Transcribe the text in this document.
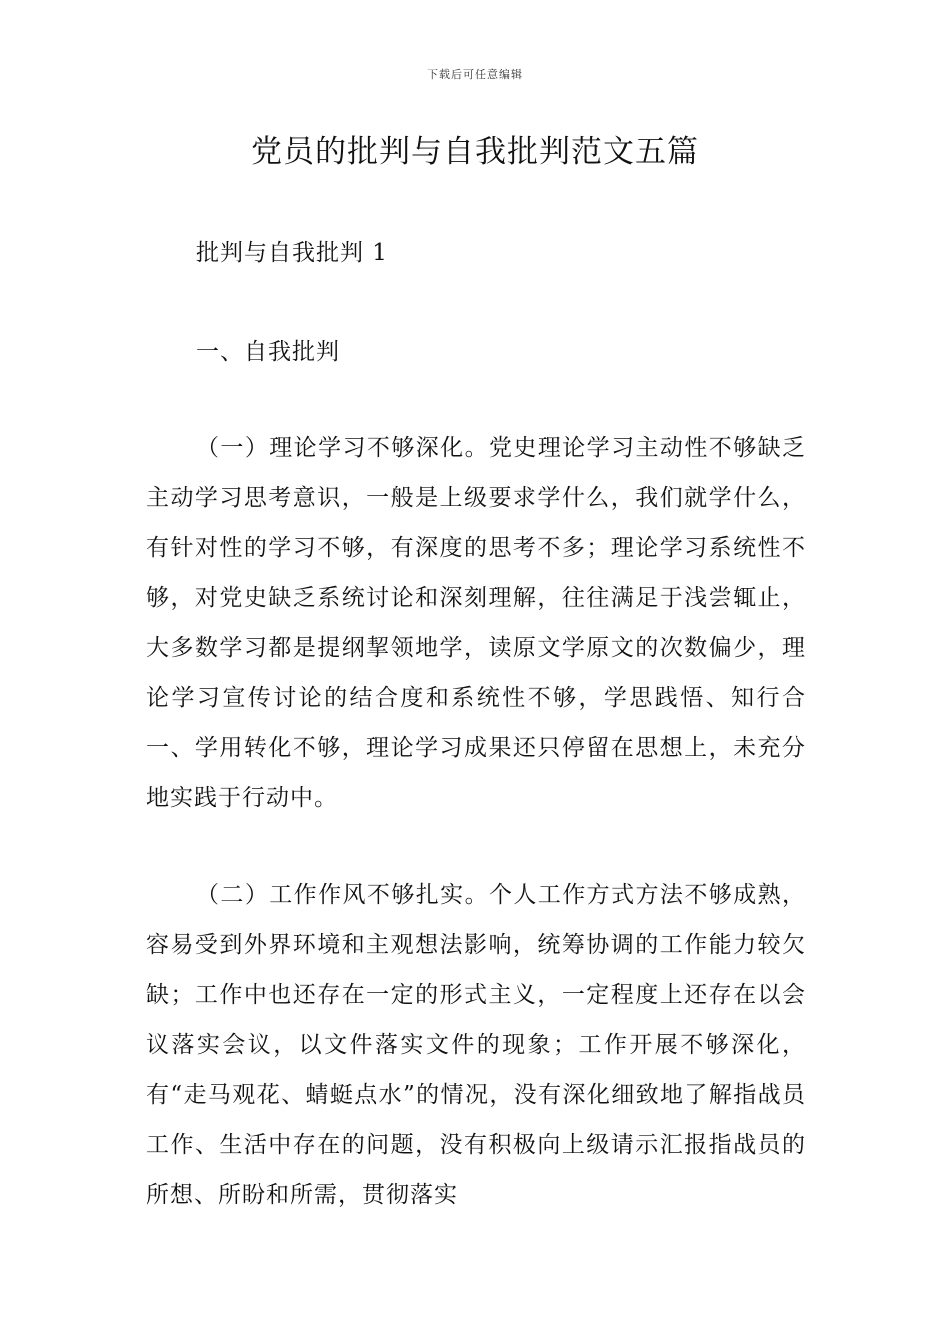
下载后可任意编辑
党员的批判与自我批判范文五篇
批判与自我批判 1
一、自我批判

（一）理论学习不够深化。党史理论学习主动性不够缺乏主动学习思考意识，一般是上级要求学什么，我们就学什么，有针对性的学习不够，有深度的思考不多；理论学习系统性不够，对党史缺乏系统讨论和深刻理解，往往满足于浅尝辄止，大多数学习都是提纲挈领地学，读原文学原文的次数偏少，理论学习宣传讨论的结合度和系统性不够，学思践悟、知行合一、学用转化不够，理论学习成果还只停留在思想上，未充分地实践于行动中。

（二）工作作风不够扎实。个人工作方式方法不够成熟，容易受到外界环境和主观想法影响，统筹协调的工作能力较欠缺；工作中也还存在一定的形式主义，一定程度上还存在以会议落实会议，以文件落实文件的现象；工作开展不够深化，有“走马观花、蜻蜓点水”的情况，没有深化细致地了解指战员工作、生活中存在的问题，没有积极向上级请示汇报指战员的所想、所盼和所需，贯彻落实
